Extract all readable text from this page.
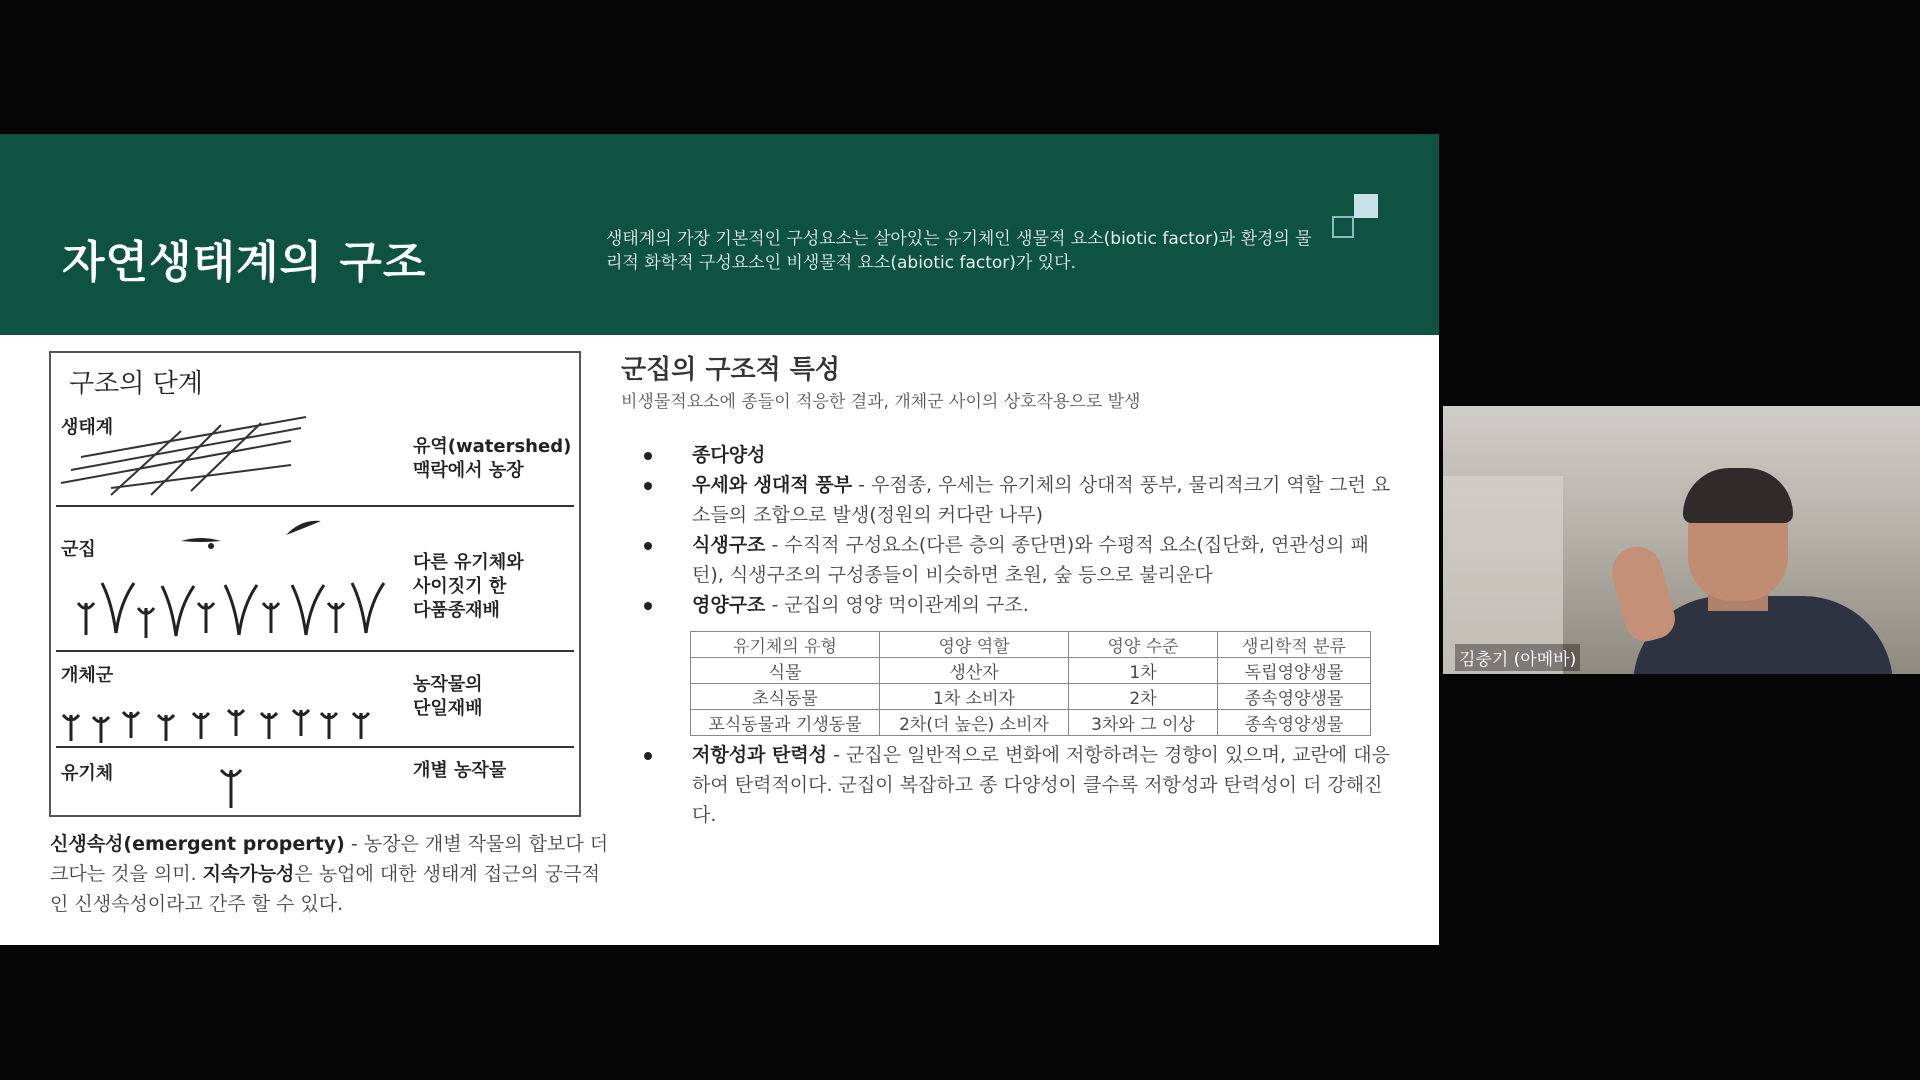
자연생태계의 구조	생태계의 가장 기본적인 구성요소는 살아있는 유기체인 생물적 요소(biotic factor)과 환경의 물리적 화학적 구성요소인 비생물적 요소(abiotic factor)가 있다.
구조의 단계
생태계
유역(watershed)
맥락에서 농장
군집
다른 유기체와
사이짓기 한
다품종재배
개체군	농작물의
단일재배
유기체	개별 농작물
신생속성(emergent property) - 농장은 개별 작물의 합보다 더 크다는 것을 의미. 지속가능성은 농업에 대한 생태계 접근의 궁극적인 신생속성이라고 간주 할 수 있다.
군집의 구조적 특성
비생물적요소에 종들이 적응한 결과, 개체군 사이의 상호작용으로 발생
종다양성
우세와 생대적 풍부 - 우점종, 우세는 유기체의 상대적 풍부, 물리적크기 역할 그런 요소들의 조합으로 발생(정원의 커다란 나무)
식생구조 - 수직적 구성요소(다른 층의 종단면)와 수평적 요소(집단화, 연관성의 패턴), 식생구조의 구성종들이 비슷하면 초원, 숲 등으로 불리운다
영양구조 - 군집의 영양 먹이관계의 구조.
유기체의 유형	영양 역할	영양 수준	생리학적 분류
식물	생산자	1차	독립영양생물
초식동물	1차 소비자	2차	종속영양생물
포식동물과 기생동물	2차(더 높은) 소비자	3차와 그 이상	종속영양생물
저항성과 탄력성 - 군집은 일반적으로 변화에 저항하려는 경향이 있으며, 교란에 대응하여 탄력적이다. 군집이 복잡하고 종 다양성이 클수록 저항성과 탄력성이 더 강해진다.
김충기 (아메바)
